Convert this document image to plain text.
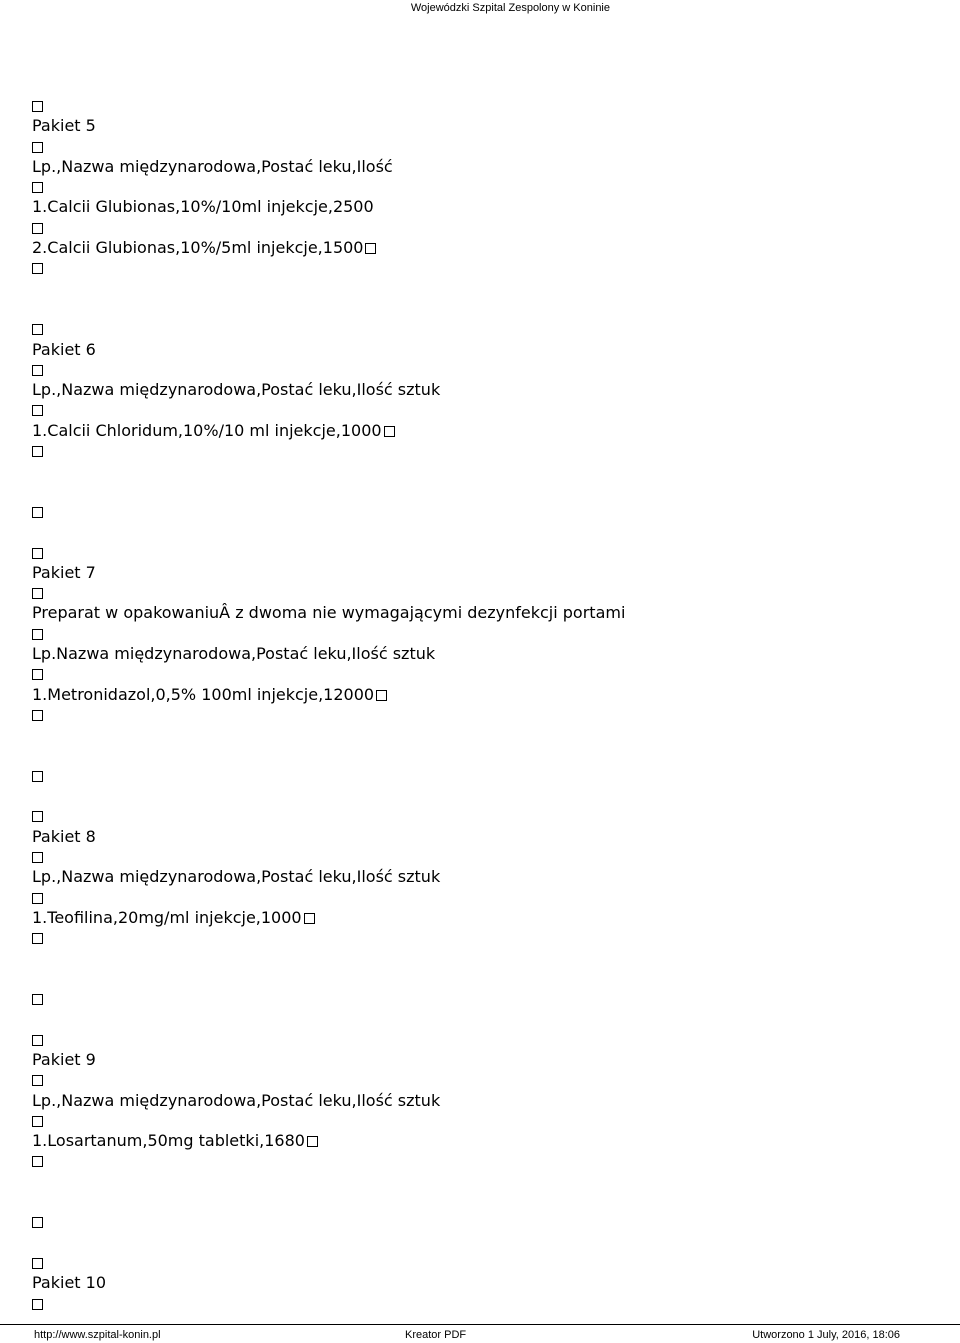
Wojewódzki Szpital Zespolony w Koninie
Pakiet 5
Lp.,Nazwa międzynarodowa,Postać leku,Ilość
1.Calcii Glubionas,10%/10ml injekcje,2500
2.Calcii Glubionas,10%/5ml injekcje,1500
Pakiet 6
Lp.,Nazwa międzynarodowa,Postać leku,Ilość sztuk
1.Calcii Chloridum,10%/10 ml injekcje,1000
Pakiet 7
Preparat w opakowaniuÂ z dwoma nie wymagającymi dezynfekcji portami
Lp.Nazwa międzynarodowa,Postać leku,Ilość sztuk
1.Metronidazol,0,5% 100ml injekcje,12000
Pakiet 8
Lp.,Nazwa międzynarodowa,Postać leku,Ilość sztuk
1.Teofilina,20mg/ml injekcje,1000
Pakiet 9
Lp.,Nazwa międzynarodowa,Postać leku,Ilość sztuk
1.Losartanum,50mg tabletki,1680
Pakiet 10
http://www.szpital-konin.pl	Kreator PDF	Utworzono 1 July, 2016, 18:06
